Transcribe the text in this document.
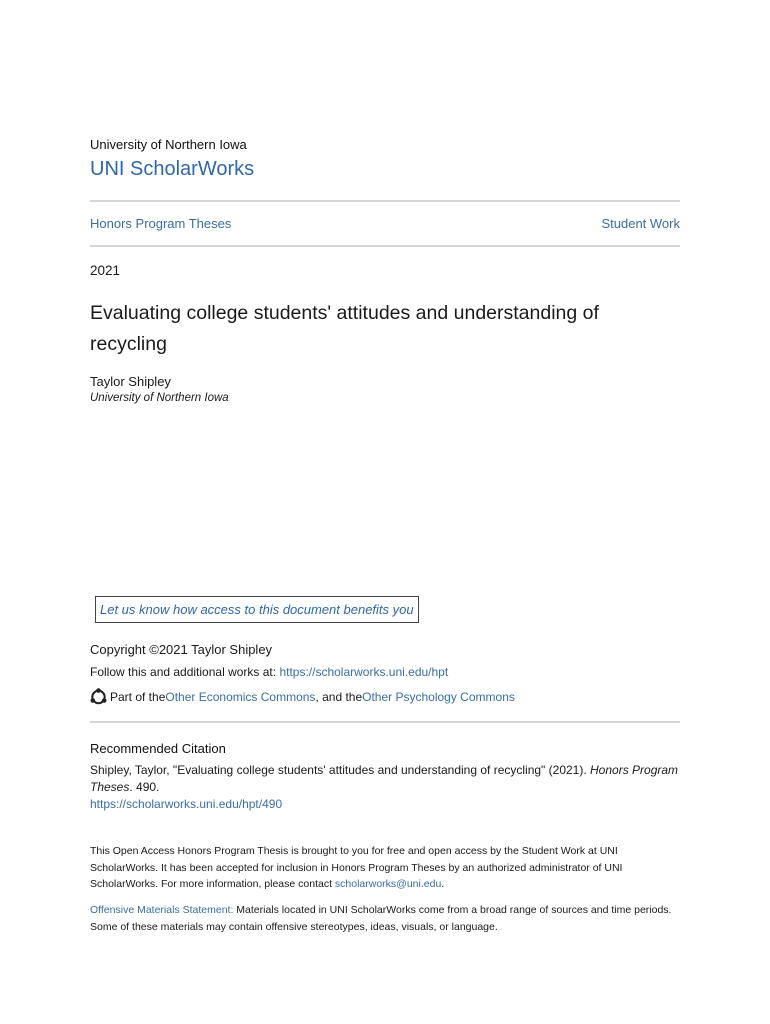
University of Northern Iowa
UNI ScholarWorks
Honors Program Theses	Student Work
2021
Evaluating college students' attitudes and understanding of recycling
Taylor Shipley
University of Northern Iowa
Let us know how access to this document benefits you
Copyright ©2021 Taylor Shipley
Follow this and additional works at: https://scholarworks.uni.edu/hpt
Part of the Other Economics Commons , and the Other Psychology Commons
Recommended Citation
Shipley, Taylor, "Evaluating college students' attitudes and understanding of recycling" (2021). Honors Program Theses. 490.
https://scholarworks.uni.edu/hpt/490
This Open Access Honors Program Thesis is brought to you for free and open access by the Student Work at UNI ScholarWorks. It has been accepted for inclusion in Honors Program Theses by an authorized administrator of UNI ScholarWorks. For more information, please contact scholarworks@uni.edu.
Offensive Materials Statement: Materials located in UNI ScholarWorks come from a broad range of sources and time periods. Some of these materials may contain offensive stereotypes, ideas, visuals, or language.
